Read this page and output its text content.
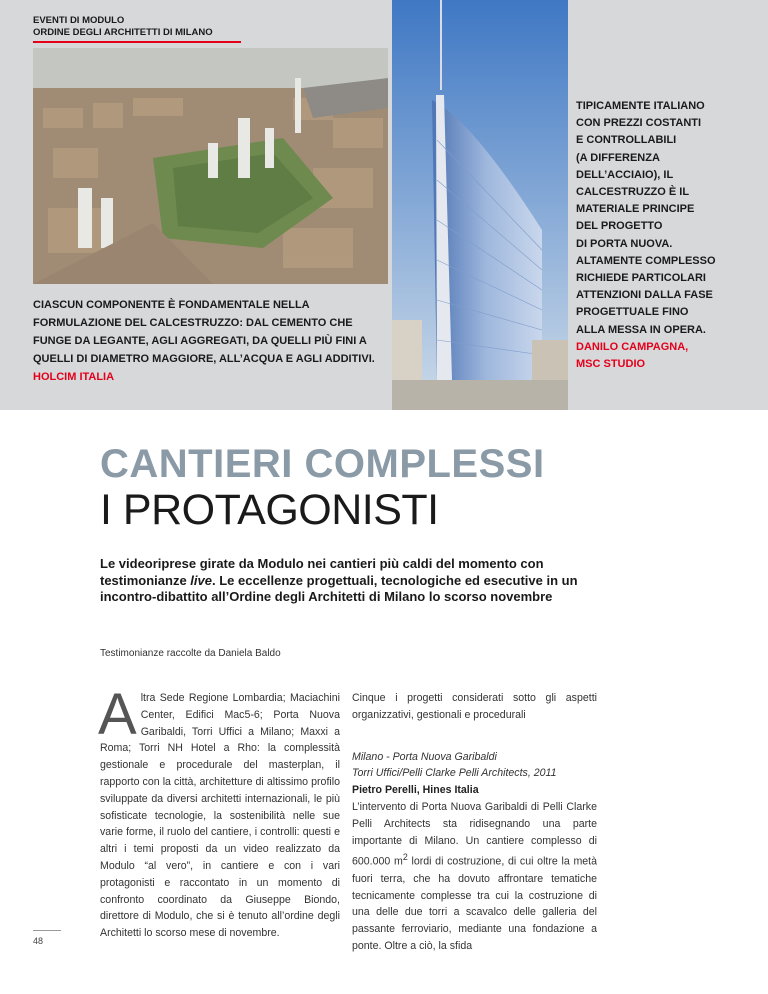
EVENTI DI MODULO
ORDINE DEGLI ARCHITETTI DI MILANO
CIASCUN COMPONENTE È FONDAMENTALE NELLA FORMULAZIONE DEL CALCESTRUZZO: DAL CEMENTO CHE FUNGE DA LEGANTE, AGLI AGGREGATI, DA QUELLI PIÙ FINI A QUELLI DI DIAMETRO MAGGIORE, ALL’ACQUA E AGLI ADDITIVI.
HOLCIM ITALIA
TIPICAMENTE ITALIANO
CON PREZZI COSTANTI
E CONTROLLABILI
(A DIFFERENZA
DELL’ACCIAIO), IL
CALCESTRUZZO È IL
MATERIALE PRINCIPE
DEL PROGETTO
DI PORTA NUOVA.
ALTAMENTE COMPLESSO
RICHIEDE PARTICOLARI
ATTENZIONI DALLA FASE
PROGETTUALE FINO
ALLA MESSA IN OPERA.
DANILO CAMPAGNA,
MSC STUDIO
CANTIERI COMPLESSI
I PROTAGONISTI
Le videoriprese girate da Modulo nei cantieri più caldi del momento con testimonianze live. Le eccellenze progettuali, tecnologiche ed esecutive in un incontro-dibattito all’Ordine degli Architetti di Milano lo scorso novembre
Testimonianze raccolte da Daniela Baldo
Altra Sede Regione Lombardia; Maciachini Center, Edifici Mac5-6; Porta Nuova Garibaldi, Torri Uffici a Milano; Maxxi a Roma; Torri NH Hotel a Rho: la complessità gestionale e procedurale del masterplan, il rapporto con la città, architetture di altissimo profilo sviluppate da diversi architetti internazionali, le più sofisticate tecnologie, la sostenibilità nelle sue varie forme, il ruolo del cantiere, i controlli: questi e altri i temi proposti da un video realizzato da Modulo “al vero”, in cantiere e con i vari protagonisti e raccontato in un momento di confronto coordinato da Giuseppe Biondo, direttore di Modulo, che si è tenuto all’ordine degli Architetti lo scorso mese di novembre.
Cinque i progetti considerati sotto gli aspetti organizzativi, gestionali e procedurali
Milano - Porta Nuova Garibaldi
Torri Uffici/Pelli Clarke Pelli Architects, 2011
Pietro Perelli, Hines Italia
L’intervento di Porta Nuova Garibaldi di Pelli Clarke Pelli Architects sta ridisegnando una parte importante di Milano. Un cantiere complesso di 600.000 $m^2$ lordi di costruzione, di cui oltre la metà fuori terra, che ha dovuto affrontare tematiche tecnicamente complesse tra cui la costruzione di una delle due torri a scavalco delle galleria del passante ferroviario, mediante una fondazione a ponte. Oltre a ciò, la sfida
48
